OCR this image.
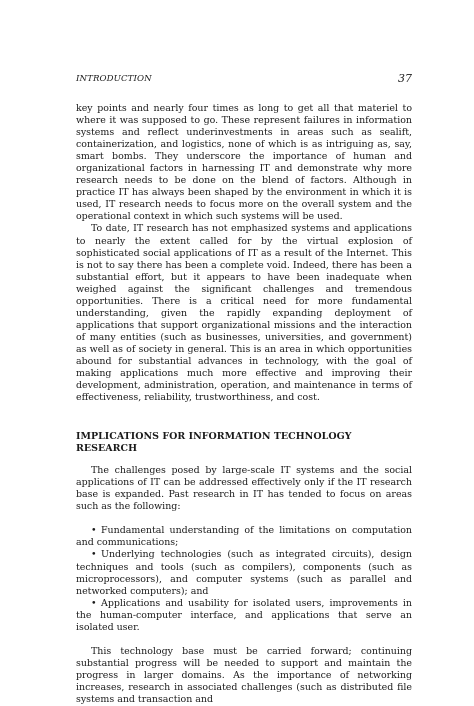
INTRODUCTION	37

key points and nearly four times as long to get all that materiel to where it was supposed to go. These represent failures in information systems and reflect underinvestments in areas such as sealift, containerization, and logistics, none of which is as intriguing as, say, smart bombs. They underscore the importance of human and organizational factors in harnessing IT and demonstrate why more research needs to be done on the blend of factors. Although in practice IT has always been shaped by the environment in which it is used, IT research needs to focus more on the overall system and the operational context in which such systems will be used.

To date, IT research has not emphasized systems and applications to nearly the extent called for by the virtual explosion of sophisticated social applications of IT as a result of the Internet. This is not to say there has been a complete void. Indeed, there has been a substantial effort, but it appears to have been inadequate when weighed against the significant challenges and tremendous opportunities. There is a critical need for more fundamental understanding, given the rapidly expanding deployment of applications that support organizational missions and the interaction of many entities (such as businesses, universities, and government) as well as of society in general. This is an area in which opportunities abound for substantial advances in technology, with the goal of making applications much more effective and improving their development, administration, operation, and maintenance in terms of effectiveness, reliability, trustworthiness, and cost.

IMPLICATIONS FOR INFORMATION TECHNOLOGY RESEARCH

The challenges posed by large-scale IT systems and the social applications of IT can be addressed effectively only if the IT research base is expanded. Past research in IT has tended to focus on areas such as the following:

• Fundamental understanding of the limitations on computation and communications;
• Underlying technologies (such as integrated circuits), design techniques and tools (such as compilers), components (such as microprocessors), and computer systems (such as parallel and networked computers); and
• Applications and usability for isolated users, improvements in the human-computer interface, and applications that serve an isolated user.

This technology base must be carried forward; continuing substantial progress will be needed to support and maintain the progress in larger domains. As the importance of networking increases, research in associated challenges (such as distributed file systems and transaction and
